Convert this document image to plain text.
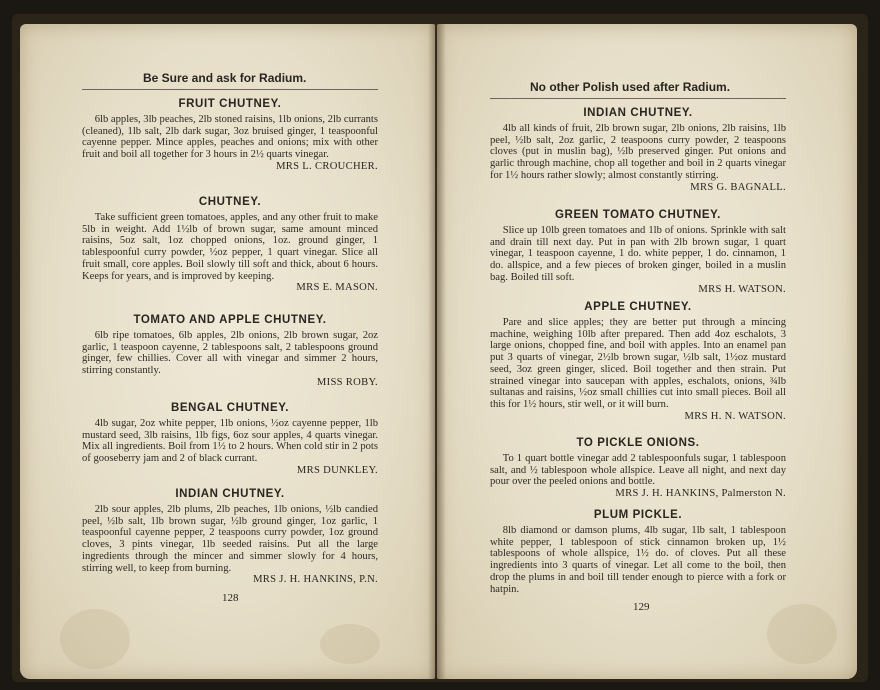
Be Sure and ask for Radium.
FRUIT CHUTNEY.
6lb apples, 3lb peaches, 2lb stoned raisins, 1lb onions, 2lb currants (cleaned), 1lb salt, 2lb dark sugar, 3oz bruised ginger, 1 teaspoonful cayenne pepper. Mince apples, peaches and onions; mix with other fruit and boil all together for 3 hours in 2½ quarts vinegar.
MRS L. CROUCHER.
CHUTNEY.
Take sufficient green tomatoes, apples, and any other fruit to make 5lb in weight. Add 1½lb of brown sugar, same amount minced raisins, 5oz salt, 1oz chopped onions, 1oz. ground ginger, 1 tablespoonful curry powder, ½oz pepper, 1 quart vinegar. Slice all fruit small, core apples. Boil slowly till soft and thick, about 6 hours. Keeps for years, and is improved by keeping.
MRS E. MASON.
TOMATO AND APPLE CHUTNEY.
6lb ripe tomatoes, 6lb apples, 2lb onions, 2lb brown sugar, 2oz garlic, 1 teaspoon cayenne, 2 tablespoons salt, 2 tablespoons ground ginger, few chillies. Cover all with vinegar and simmer 2 hours, stirring constantly.
MISS ROBY.
BENGAL CHUTNEY.
4lb sugar, 2oz white pepper, 1lb onions, ½oz cayenne pepper, 1lb mustard seed, 3lb raisins, 1lb figs, 6oz sour apples, 4 quarts vinegar. Mix all ingredients. Boil from 1½ to 2 hours. When cold stir in 2 pots of gooseberry jam and 2 of black currant.
MRS DUNKLEY.
INDIAN CHUTNEY.
2lb sour apples, 2lb plums, 2lb peaches, 1lb onions, ½lb candied peel, ½lb salt, 1lb brown sugar, ½lb ground ginger, 1oz garlic, 1 teaspoonful cayenne pepper, 2 teaspoons curry powder, 1oz ground cloves, 3 pints vinegar, 1lb seeded raisins. Put all the large ingredients through the mincer and simmer slowly for 4 hours, stirring well, to keep from burning.
MRS J. H. HANKINS, P.N.
128
No other Polish used after Radium.
INDIAN CHUTNEY.
4lb all kinds of fruit, 2lb brown sugar, 2lb onions, 2lb raisins, 1lb peel, ½lb salt, 2oz garlic, 2 teaspoons curry powder, 2 teaspoons cloves (put in muslin bag), ½lb preserved ginger. Put onions and garlic through machine, chop all together and boil in 2 quarts vinegar for 1½ hours rather slowly; almost constantly stirring.
MRS G. BAGNALL.
GREEN TOMATO CHUTNEY.
Slice up 10lb green tomatoes and 1lb of onions. Sprinkle with salt and drain till next day. Put in pan with 2lb brown sugar, 1 quart vinegar, 1 teaspoon cayenne, 1 do. white pepper, 1 do. cinnamon, 1 do. allspice, and a few pieces of broken ginger, boiled in a muslin bag. Boiled till soft.
MRS H. WATSON.
APPLE CHUTNEY.
Pare and slice apples; they are better put through a mincing machine, weighing 10lb after prepared. Then add 4oz eschalots, 3 large onions, chopped fine, and boil with apples. Into an enamel pan put 3 quarts of vinegar, 2½lb brown sugar, ½lb salt, 1½oz mustard seed, 3oz green ginger, sliced. Boil together and then strain. Put strained vinegar into saucepan with apples, eschalots, onions, ¾lb sultanas and raisins, ½oz small chillies cut into small pieces. Boil all this for 1½ hours, stir well, or it will burn.
MRS H. N. WATSON.
TO PICKLE ONIONS.
To 1 quart bottle vinegar add 2 tablespoonfuls sugar, 1 tablespoon salt, and ½ tablespoon whole allspice. Leave all night, and next day pour over the peeled onions and bottle.
MRS J. H. HANKINS, Palmerston N.
PLUM PICKLE.
8lb diamond or damson plums, 4lb sugar, 1lb salt, 1 tablespoon white pepper, 1 tablespoon of stick cinnamon broken up, 1½ tablespoons of whole allspice, 1½ do. of cloves. Put all these ingredients into 3 quarts of vinegar. Let all come to the boil, then drop the plums in and boil till tender enough to pierce with a fork or hatpin.
129
